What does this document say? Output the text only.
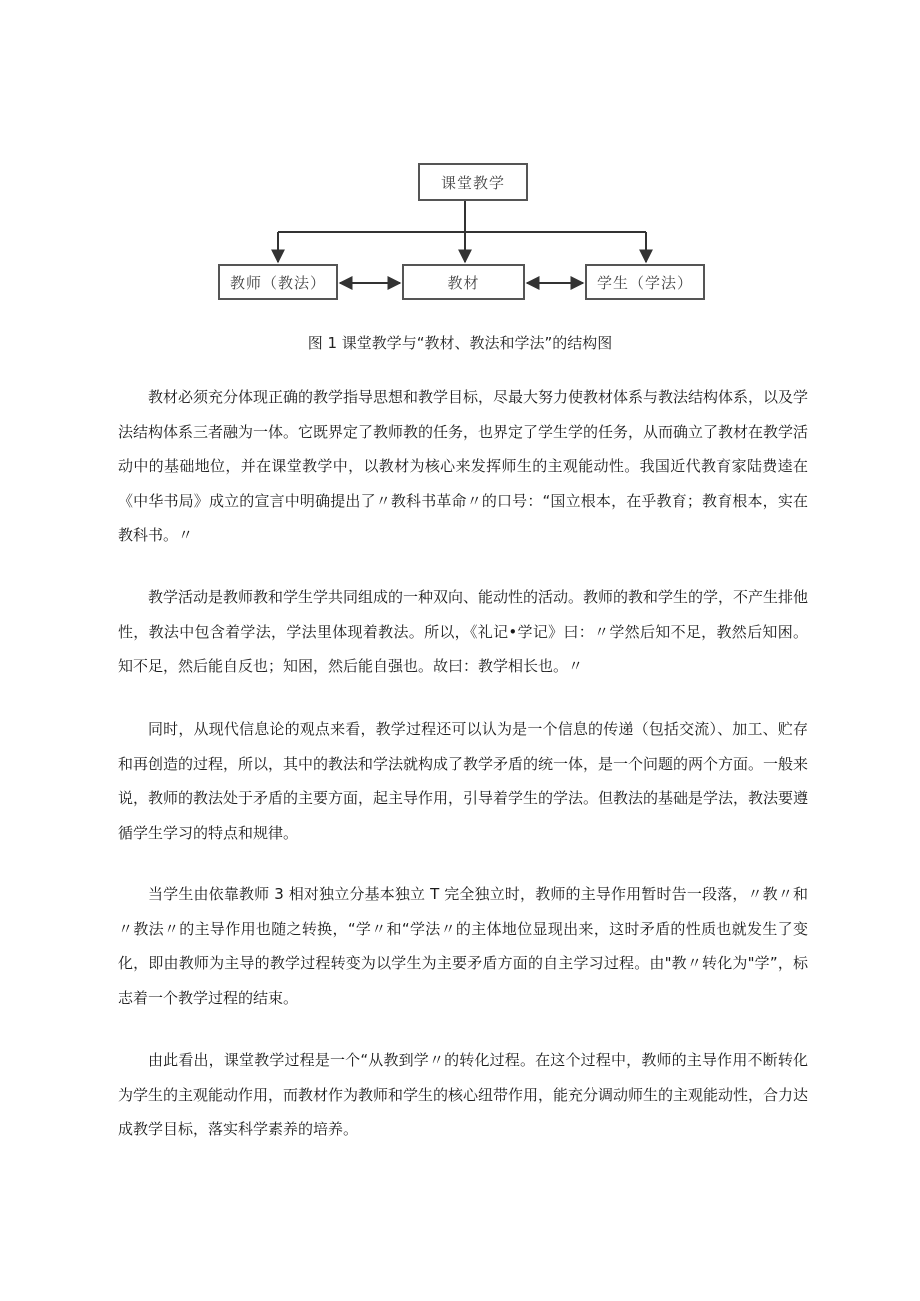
课堂教学
教师（教法）	教材	学生（学法）
图 1 课堂教学与“教材、教法和学法”的结构图

教材必须充分体现正确的教学指导思想和教学目标，尽最大努力使教材体系与教法结构体系，以及学法结构体系三者融为一体。它既界定了教师教的任务，也界定了学生学的任务，从而确立了教材在教学活动中的基础地位，并在课堂教学中，以教材为核心来发挥师生的主观能动性。我国近代教育家陆费逵在《中华书局》成立的宣言中明确提出了〃教科书革命〃的口号：“国立根本，在乎教育；教育根本，实在教科书。〃

教学活动是教师教和学生学共同组成的一种双向、能动性的活动。教师的教和学生的学，不产生排他性，教法中包含着学法，学法里体现着教法。所以，《礼记•学记》曰：〃学然后知不足，教然后知困。知不足，然后能自反也；知困，然后能自强也。故曰：教学相长也。〃

同时，从现代信息论的观点来看，教学过程还可以认为是一个信息的传递（包括交流）、加工、贮存和再创造的过程，所以，其中的教法和学法就构成了教学矛盾的统一体，是一个问题的两个方面。一般来说，教师的教法处于矛盾的主要方面，起主导作用，引导着学生的学法。但教法的基础是学法，教法要遵循学生学习的特点和规律。

当学生由依靠教师 3 相对独立分基本独立 T 完全独立时，教师的主导作用暂时告一段落，〃教〃和〃教法〃的主导作用也随之转换，“学〃和“学法〃的主体地位显现出来，这时矛盾的性质也就发生了变化，即由教师为主导的教学过程转变为以学生为主要矛盾方面的自主学习过程。由"教〃转化为"学”，标志着一个教学过程的结束。

由此看出，课堂教学过程是一个“从教到学〃的转化过程。在这个过程中，教师的主导作用不断转化为学生的主观能动作用，而教材作为教师和学生的核心纽带作用，能充分调动师生的主观能动性，合力达成教学目标，落实科学素养的培养。
